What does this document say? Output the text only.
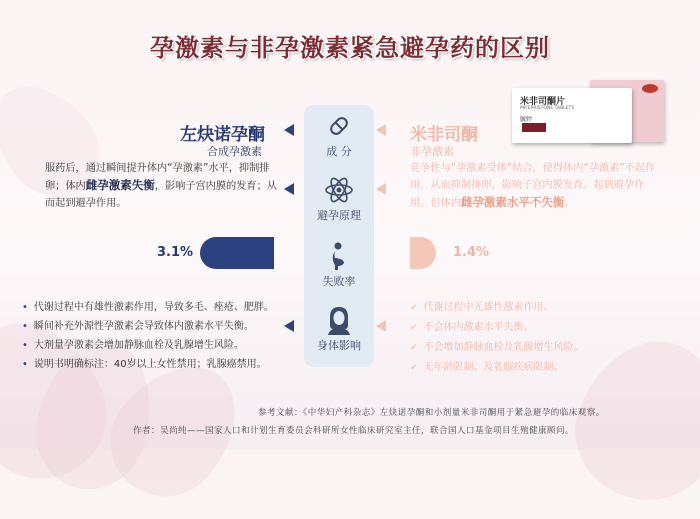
孕激素与非孕激素紧急避孕药的区别
米非司酮片
MIFEPRISTONE TABLETS
毓婷
成 分
避孕原理
失败率
身体影响
左炔诺孕酮
合成孕激素
米非司酮
非孕激素
服药后，通过瞬间提升体内“孕激素”水平，抑制排卵；体内雌孕激素失衡，影响子宫内膜的发育；从而起到避孕作用。
竞争性与“孕激素受体”结合，使得体内“孕激素”不起作用，从而抑制排卵，影响子宫内膜发育。起到避孕作用。但体内雌孕激素水平不失衡。
3.1%	1.4%
• 代谢过程中有雄性激素作用，导致多毛、痤疮、肥胖。
• 瞬间补充外源性孕激素会导致体内激素水平失衡。
• 大剂量孕激素会增加静脉血栓及乳腺增生风险。
• 说明书明确标注：40岁以上女性禁用；乳腺癌禁用。
✔ 代谢过程中无雄性激素作用。
✔ 不会体内激素水平失衡。
✔ 不会增加静脉血栓及乳腺增生风险。
✔ 无年龄限制。及乳腺疾病限制。
参考文献：《中华妇产科杂志》左炔诺孕酮和小剂量米非司酮用于紧急避孕的临床观察。
作者：吴尚纯——国家人口和计划生育委员会科研所女性临床研究室主任，联合国人口基金项目生殖健康顾问。
